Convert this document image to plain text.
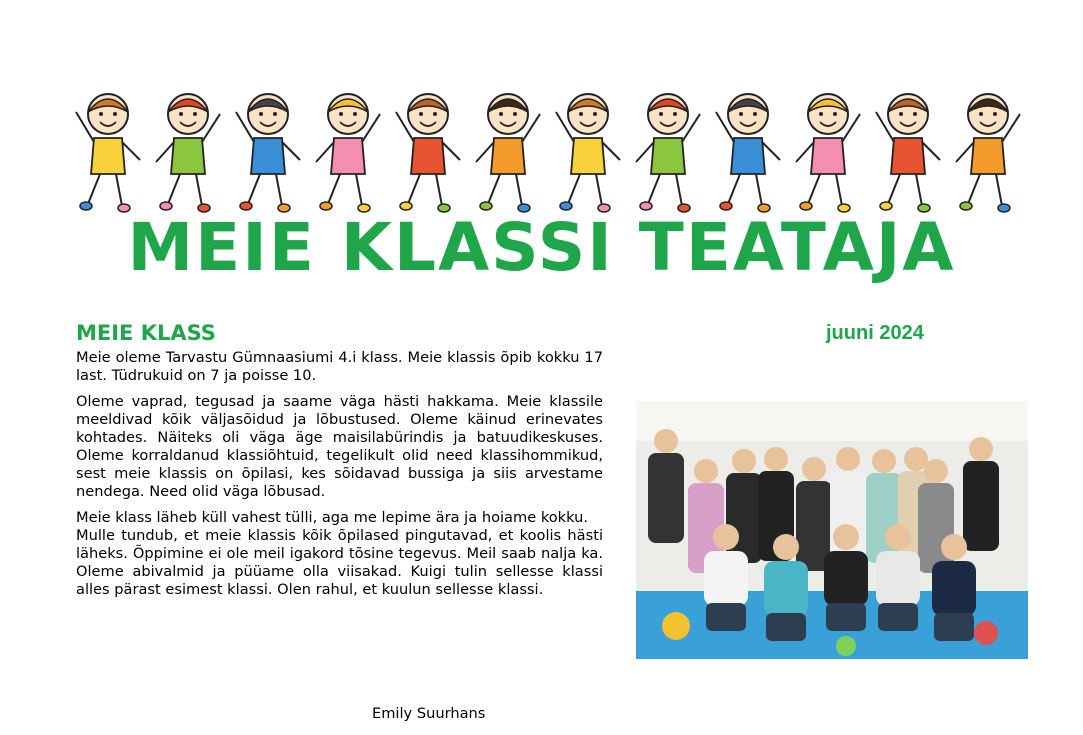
MEIE KLASSI TEATAJA
MEIE KLASS	juuni 2024

Meie oleme Tarvastu Gümnaasiumi 4.i klass. Meie klassis õpib kokku 17 last. Tüdrukuid on 7 ja poisse 10.

Oleme vaprad, tegusad ja saame väga hästi hakkama. Meie klassile meeldivad kõik väljasõidud ja lõbustused. Oleme käinud erinevates kohtades. Näiteks oli väga äge maisilabürindis ja batuudikeskuses. Oleme korraldanud klassiõhtuid, tegelikult olid need klassihommikud, sest meie klassis on õpilasi, kes sõidavad bussiga ja siis arvestame nendega. Need olid väga lõbusad.

Meie klass läheb küll vahest tülli, aga me lepime ära ja hoiame kokku.

Mulle tundub, et meie klassis kõik õpilased pingutavad, et koolis hästi läheks. Õppimine ei ole meil igakord tõsine tegevus. Meil saab nalja ka. Oleme abivalmid ja püüame olla viisakad. Kuigi tulin sellesse klassi alles pärast esimest klassi. Olen rahul, et kuulun sellesse klassi.

Emily Suurhans
